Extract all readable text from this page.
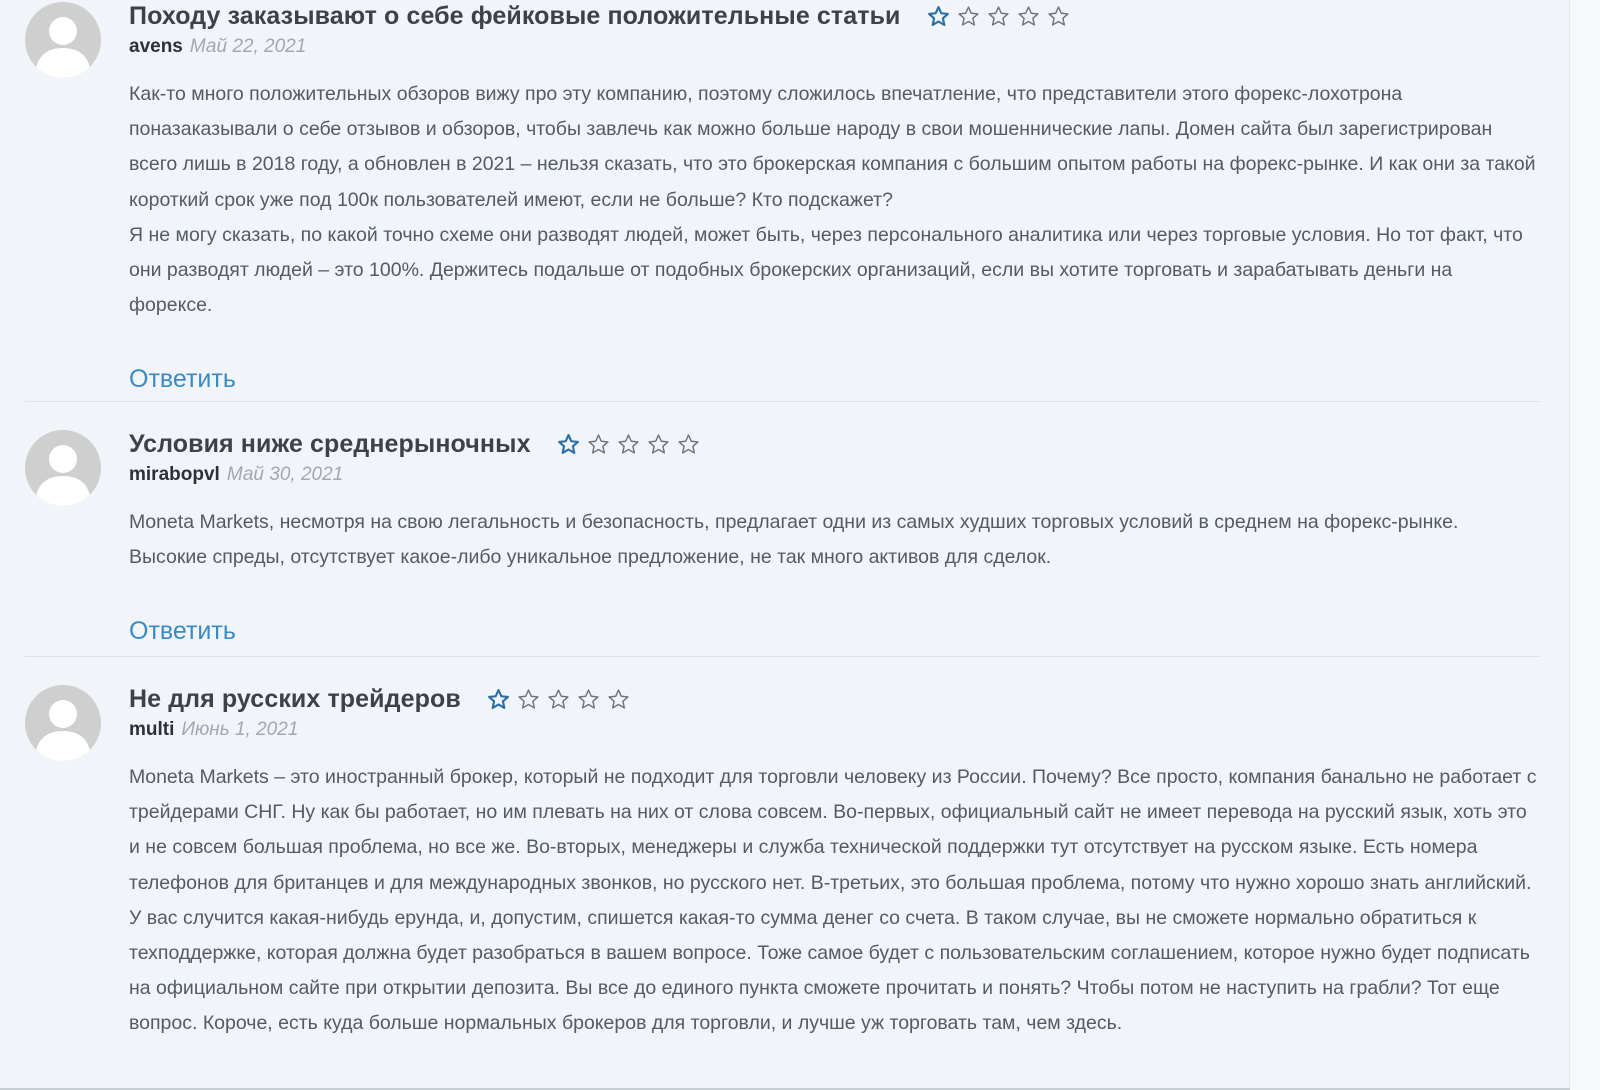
Походу заказывают о себе фейковые положительные статьи
avens Май 22, 2021

Как-то много положительных обзоров вижу про эту компанию, поэтому сложилось впечатление, что представители этого форекс-лохотрона поназаказывали о себе отзывов и обзоров, чтобы завлечь как можно больше народу в свои мошеннические лапы. Домен сайта был зарегистрирован всего лишь в 2018 году, а обновлен в 2021 – нельзя сказать, что это брокерская компания с большим опытом работы на форекс-рынке. И как они за такой короткий срок уже под 100к пользователей имеют, если не больше? Кто подскажет?

Я не могу сказать, по какой точно схеме они разводят людей, может быть, через персонального аналитика или через торговые условия. Но тот факт, что они разводят людей – это 100%. Держитесь подальше от подобных брокерских организаций, если вы хотите торговать и зарабатывать деньги на форексе.

Ответить
Условия ниже среднерыночных
mirabopvl Май 30, 2021

Moneta Markets, несмотря на свою легальность и безопасность, предлагает одни из самых худших торговых условий в среднем на форекс-рынке. Высокие спреды, отсутствует какое-либо уникальное предложение, не так много активов для сделок.

Ответить
Не для русских трейдеров
multi Июнь 1, 2021

Moneta Markets – это иностранный брокер, который не подходит для торговли человеку из России. Почему? Все просто, компания банально не работает с трейдерами СНГ. Ну как бы работает, но им плевать на них от слова совсем. Во-первых, официальный сайт не имеет перевода на русский язык, хоть это и не совсем большая проблема, но все же. Во-вторых, менеджеры и служба технической поддержки тут отсутствует на русском языке. Есть номера телефонов для британцев и для международных звонков, но русского нет. В-третьих, это большая проблема, потому что нужно хорошо знать английский. У вас случится какая-нибудь ерунда, и, допустим, спишется какая-то сумма денег со счета. В таком случае, вы не сможете нормально обратиться к техподдержке, которая должна будет разобраться в вашем вопросе. Тоже самое будет с пользовательским соглашением, которое нужно будет подписать на официальном сайте при открытии депозита. Вы все до единого пункта сможете прочитать и понять? Чтобы потом не наступить на грабли? Тот еще вопрос. Короче, есть куда больше нормальных брокеров для торговли, и лучше уж торговать там, чем здесь.
